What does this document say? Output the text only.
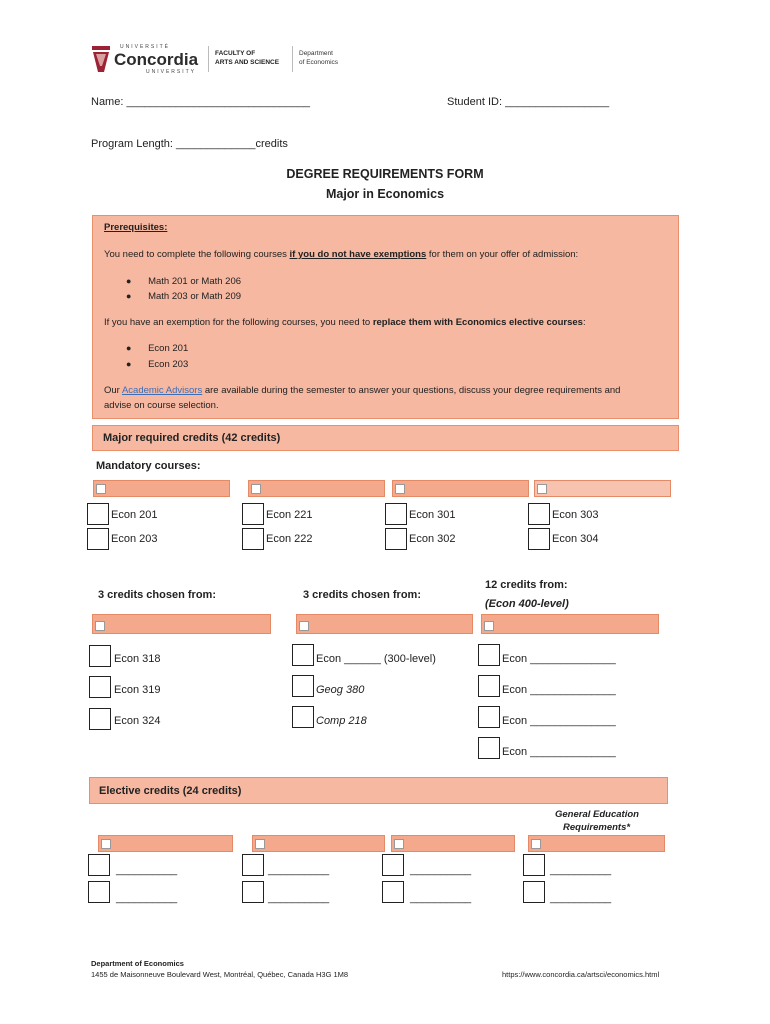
UNIVERSITÉ
Concordia
UNIVERSITY
FACULTY OF
ARTS AND SCIENCE
Department
of Economics
Name: ______________________________	Student ID: _________________
Program Length: _____________credits
DEGREE REQUIREMENTS FORM
Major in Economics
Prerequisites:
You need to complete the following courses if you do not have exemptions for them on your offer of admission:
● Math 201 or Math 206
● Math 203 or Math 209
If you have an exemption for the following courses, you need to replace them with Economics elective courses:
● Econ 201
● Econ 203
Our Academic Advisors are available during the semester to answer your questions, discuss your degree requirements and
advise on course selection.
Major required credits (42 credits)
Mandatory courses:
Econ 201	Econ 221	Econ 301	Econ 303
Econ 203	Econ 222	Econ 302	Econ 304
3 credits chosen from:	3 credits chosen from:
12 credits from:
(Econ 400-level)
Econ 318
Econ 319
Econ 324
Econ ______ (300-level)
Geog 380
Comp 218
Econ ______________
Econ ______________
Econ ______________
Econ ______________
Elective credits (24 credits)
General Education
Requirements*
__________	__________	__________	__________
__________	__________	__________	__________
Department of Economics
1455 de Maisonneuve Boulevard West, Montréal, Québec, Canada H3G 1M8	https://www.concordia.ca/artsci/economics.html
